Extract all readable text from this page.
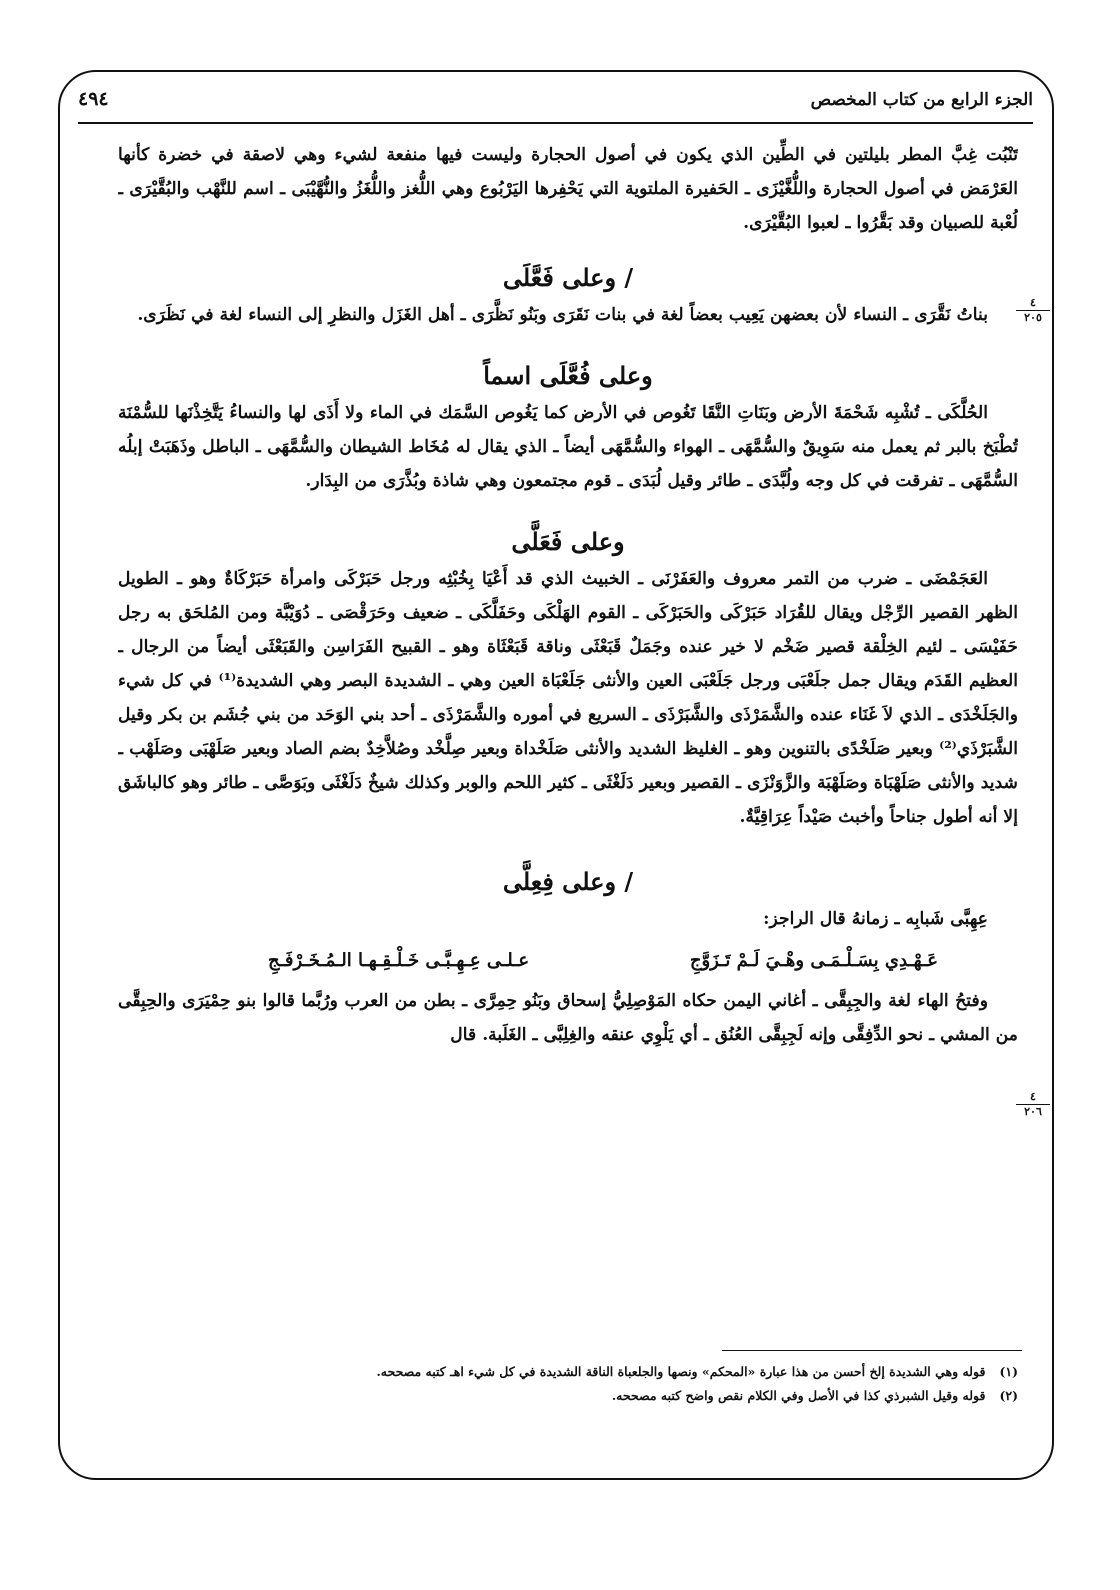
الجزء الرابع من كتاب المخصص
٤٩٤
٤
٢٠٥
٤
٢٠٦

تَنْبُت غِبَّ المطر بليلتين في الطِّين الذي يكون في أصول الحجارة وليست فيها منفعة لشيء وهي لاصقة في خضرة كأنها العَرْمَض في أصول الحجارة واللُّغَّيْزَى ـ الحَفيرة الملتوية التي يَحْفِرها اليَرْبُوع وهي اللُّغز واللُّغَزُ والنُّهَّيْبَى ـ اسم للنَّهْب والبُقَّيْرَى ـ لُعْبة للصبيان وقد بَقَّرُوا ـ لعبوا البُقَّيْرَى.

/ وعلى فَعَّلَى

بناتُ نَقَّرَى ـ النساء لأن بعضهن يَعِيب بعضاً لغة في بنات نَقَرَى وبَنُو نَظَّرَى ـ أهل الغَزَل والنظرِ إلى النساء لغة في نَظَرَى.

وعلى فُعَّلَى اسماً

الحُلَّكَى ـ تُشْبِه شَحْمَةَ الأرض وبَنَاتِ النَّقَا تَغُوص في الأرض كما يَغُوص السَّمَك في الماء ولا أَذَى لها والنساءُ يَتَّخِذْنَها للسُّمْنَة تُطْبَخ بالبر ثم يعمل منه سَوِيقٌ والسُّمَّهَى ـ الهواء والسُّمَّهَى أيضاً ـ الذي يقال له مُخَاط الشيطان والسُّمَّهَى ـ الباطل وذَهَبَتْ إبلُه السُّمَّهَى ـ تفرقت في كل وجه ولُبَّدَى ـ طائر وقيل لُبَدَى ـ قوم مجتمعون وهي شاذة وبُذَّرَى من البِدَار.

وعلى فَعَلَّى

العَجَمْضَى ـ ضرب من التمر معروف والعَفَرْنَى ـ الخبيث الذي قد أَعْيَا بِخُبْثِه ورجل حَبَرْكَى وامرأة حَبَرْكَاةٌ وهو ـ الطويل الظهر القصير الرِّجْل ويقال للقُرَاد حَبَرْكَى والحَبَرْكَى ـ القوم الهَلْكَى وحَفَلَّكَى ـ ضعيف وحَرَقْصَى ـ دُوَيْبَّة ومن المُلحَق به رجل حَفَيْسَى ـ لئيم الخِلْقة قصير ضَخْم لا خير عنده وجَمَلٌ قَبَعْثَى وناقة قَبَعْثَاة وهو ـ القبيح الفَرَاسِن والقَبَعْثَى أيضاً من الرجال ـ العظيم القَدَم ويقال جمل جلَعْبَى ورجل جَلَعْبَى العين والأنثى جَلَعْبَاة العين وهي ـ الشديدة البصر وهي الشديدة⁽¹⁾ في كل شيء والجَلَخْدَى ـ الذي لاَ غَنَاء عنده والشَّمَرْذَى والشَّبَرْذَى ـ السريع في أموره والشَّمَرْذَى ـ أحد بني الوَحَد من بني جُشَم بن بكر وقيل الشَّبَرْذَي⁽²⁾ وبعير صَلَخْدًى بالتنوين وهو ـ الغليظ الشديد والأنثى صَلَخْداة وبعير صِلَّخْد وصُلاَّخِدٌ بضم الصاد وبعير صَلَهْبَى وصَلَهْب ـ شديد والأنثى صَلَهْبَاة وصَلَهْبَة والزَّوَنْزَى ـ القصير وبعير دَلَغْثَى ـ كثير اللحم والوبر وكذلك شيخٌ دَلَغْثَى وبَوَصَّى ـ طائر وهو كالباشَق إلا أنه أطول جناحاً وأخبث صَيْداً عِرَاقِيَّةٌ.

/ وعلى فِعِلَّى

عِهِبَّى شَبابِه ـ زمانهُ قال الراجز:

عَـهْـدِي بِسَـلْـمَـى وهْـيَ لَـمْ تَـزَوَّجِ
عـلـى عِـهِـبَّـى خَـلْـقِـهـا الـمُـخَـرْفَـجِ

وفتحُ الهاء لغة والجِبِقَّى ـ أغاني اليمن حكاه المَوْصِلِيُّ إسحاق وبَنُو حِمِرَّى ـ بطن من العرب ورُبَّما قالوا بنو حِمْيَرَى والحِبِقَّى من المشي ـ نحو الدِّفِقَّى وإنه لَجِبِقَّى العُنُق ـ أي يَلْوِي عنقه والغِلِبَّى ـ الغَلَبة. قال

(١)قوله وهي الشديدة إلخ أحسن من هذا عبارة «المحكم» ونصها والجلعباة الناقة الشديدة في كل شيء اهـ كتبه مصححه.
(٢)قوله وقيل الشبرذي كذا في الأصل وفي الكلام نقص واضح كتبه مصححه.
